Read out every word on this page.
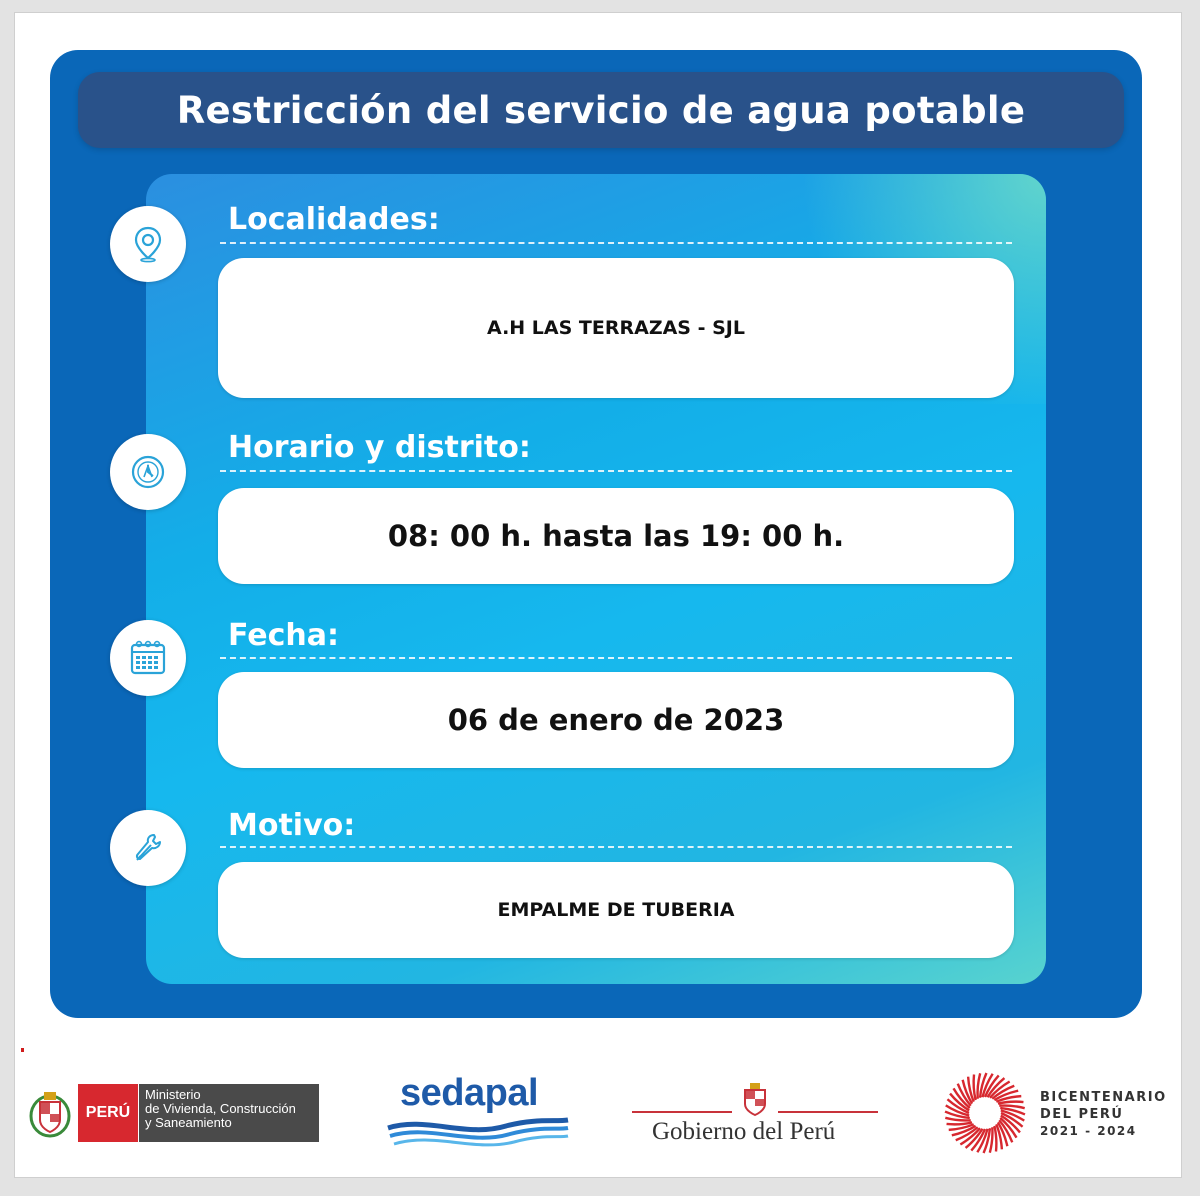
Restricción del servicio de agua potable
Localidades:
A.H LAS TERRAZAS - SJL
Horario y distrito:
08: 00 h. hasta las 19: 00 h.
Fecha:
06 de enero de 2023
Motivo:
EMPALME DE TUBERIA
PERÚ
Ministerio
de Vivienda, Construcción
y Saneamiento
sedapal
Gobierno del Perú
BICENTENARIO
DEL PERÚ
2021 - 2024
